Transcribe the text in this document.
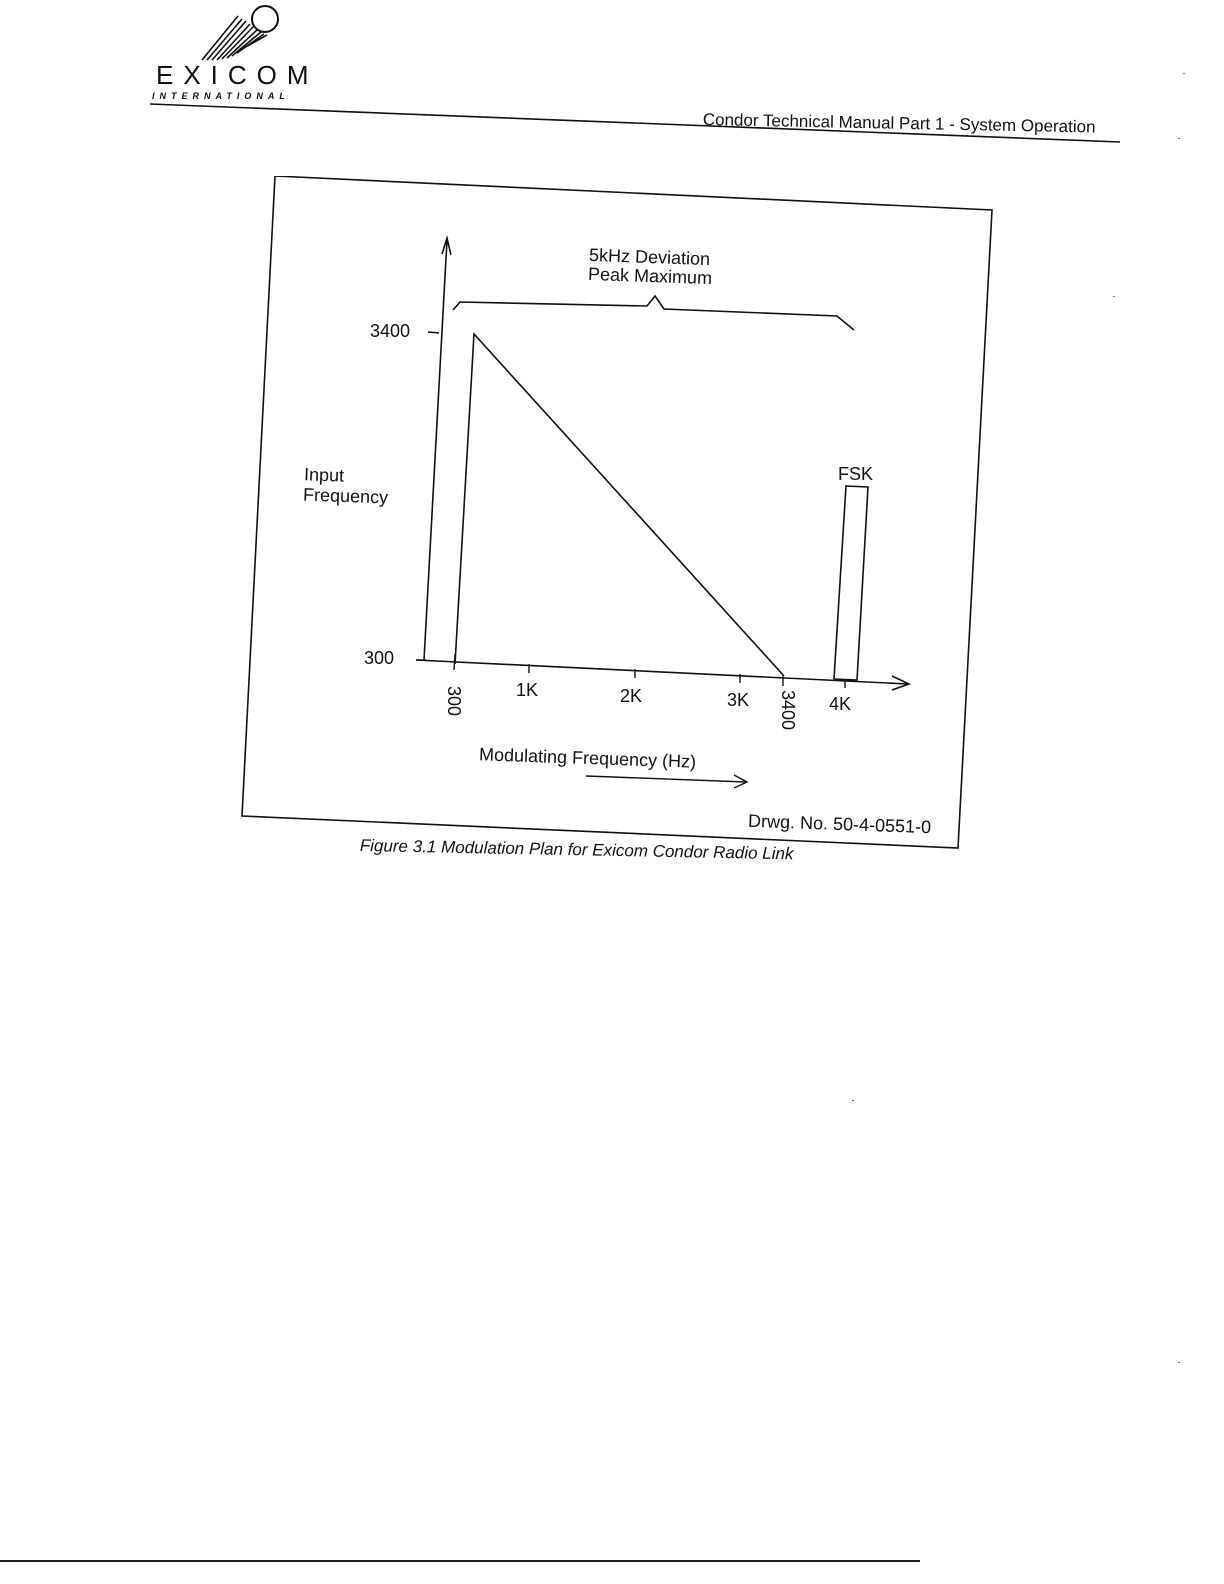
EXICOM
INTERNATIONAL
Condor Technical Manual Part 1 - System Operation
5kHz Deviation
Peak Maximum
3400
300
Input
Frequency
FSK
300	1K	2K	3K 3400 4K
Modulating Frequency (Hz)
Drwg. No. 50-4-0551-0
Figure 3.1 Modulation Plan for Exicom Condor Radio Link
